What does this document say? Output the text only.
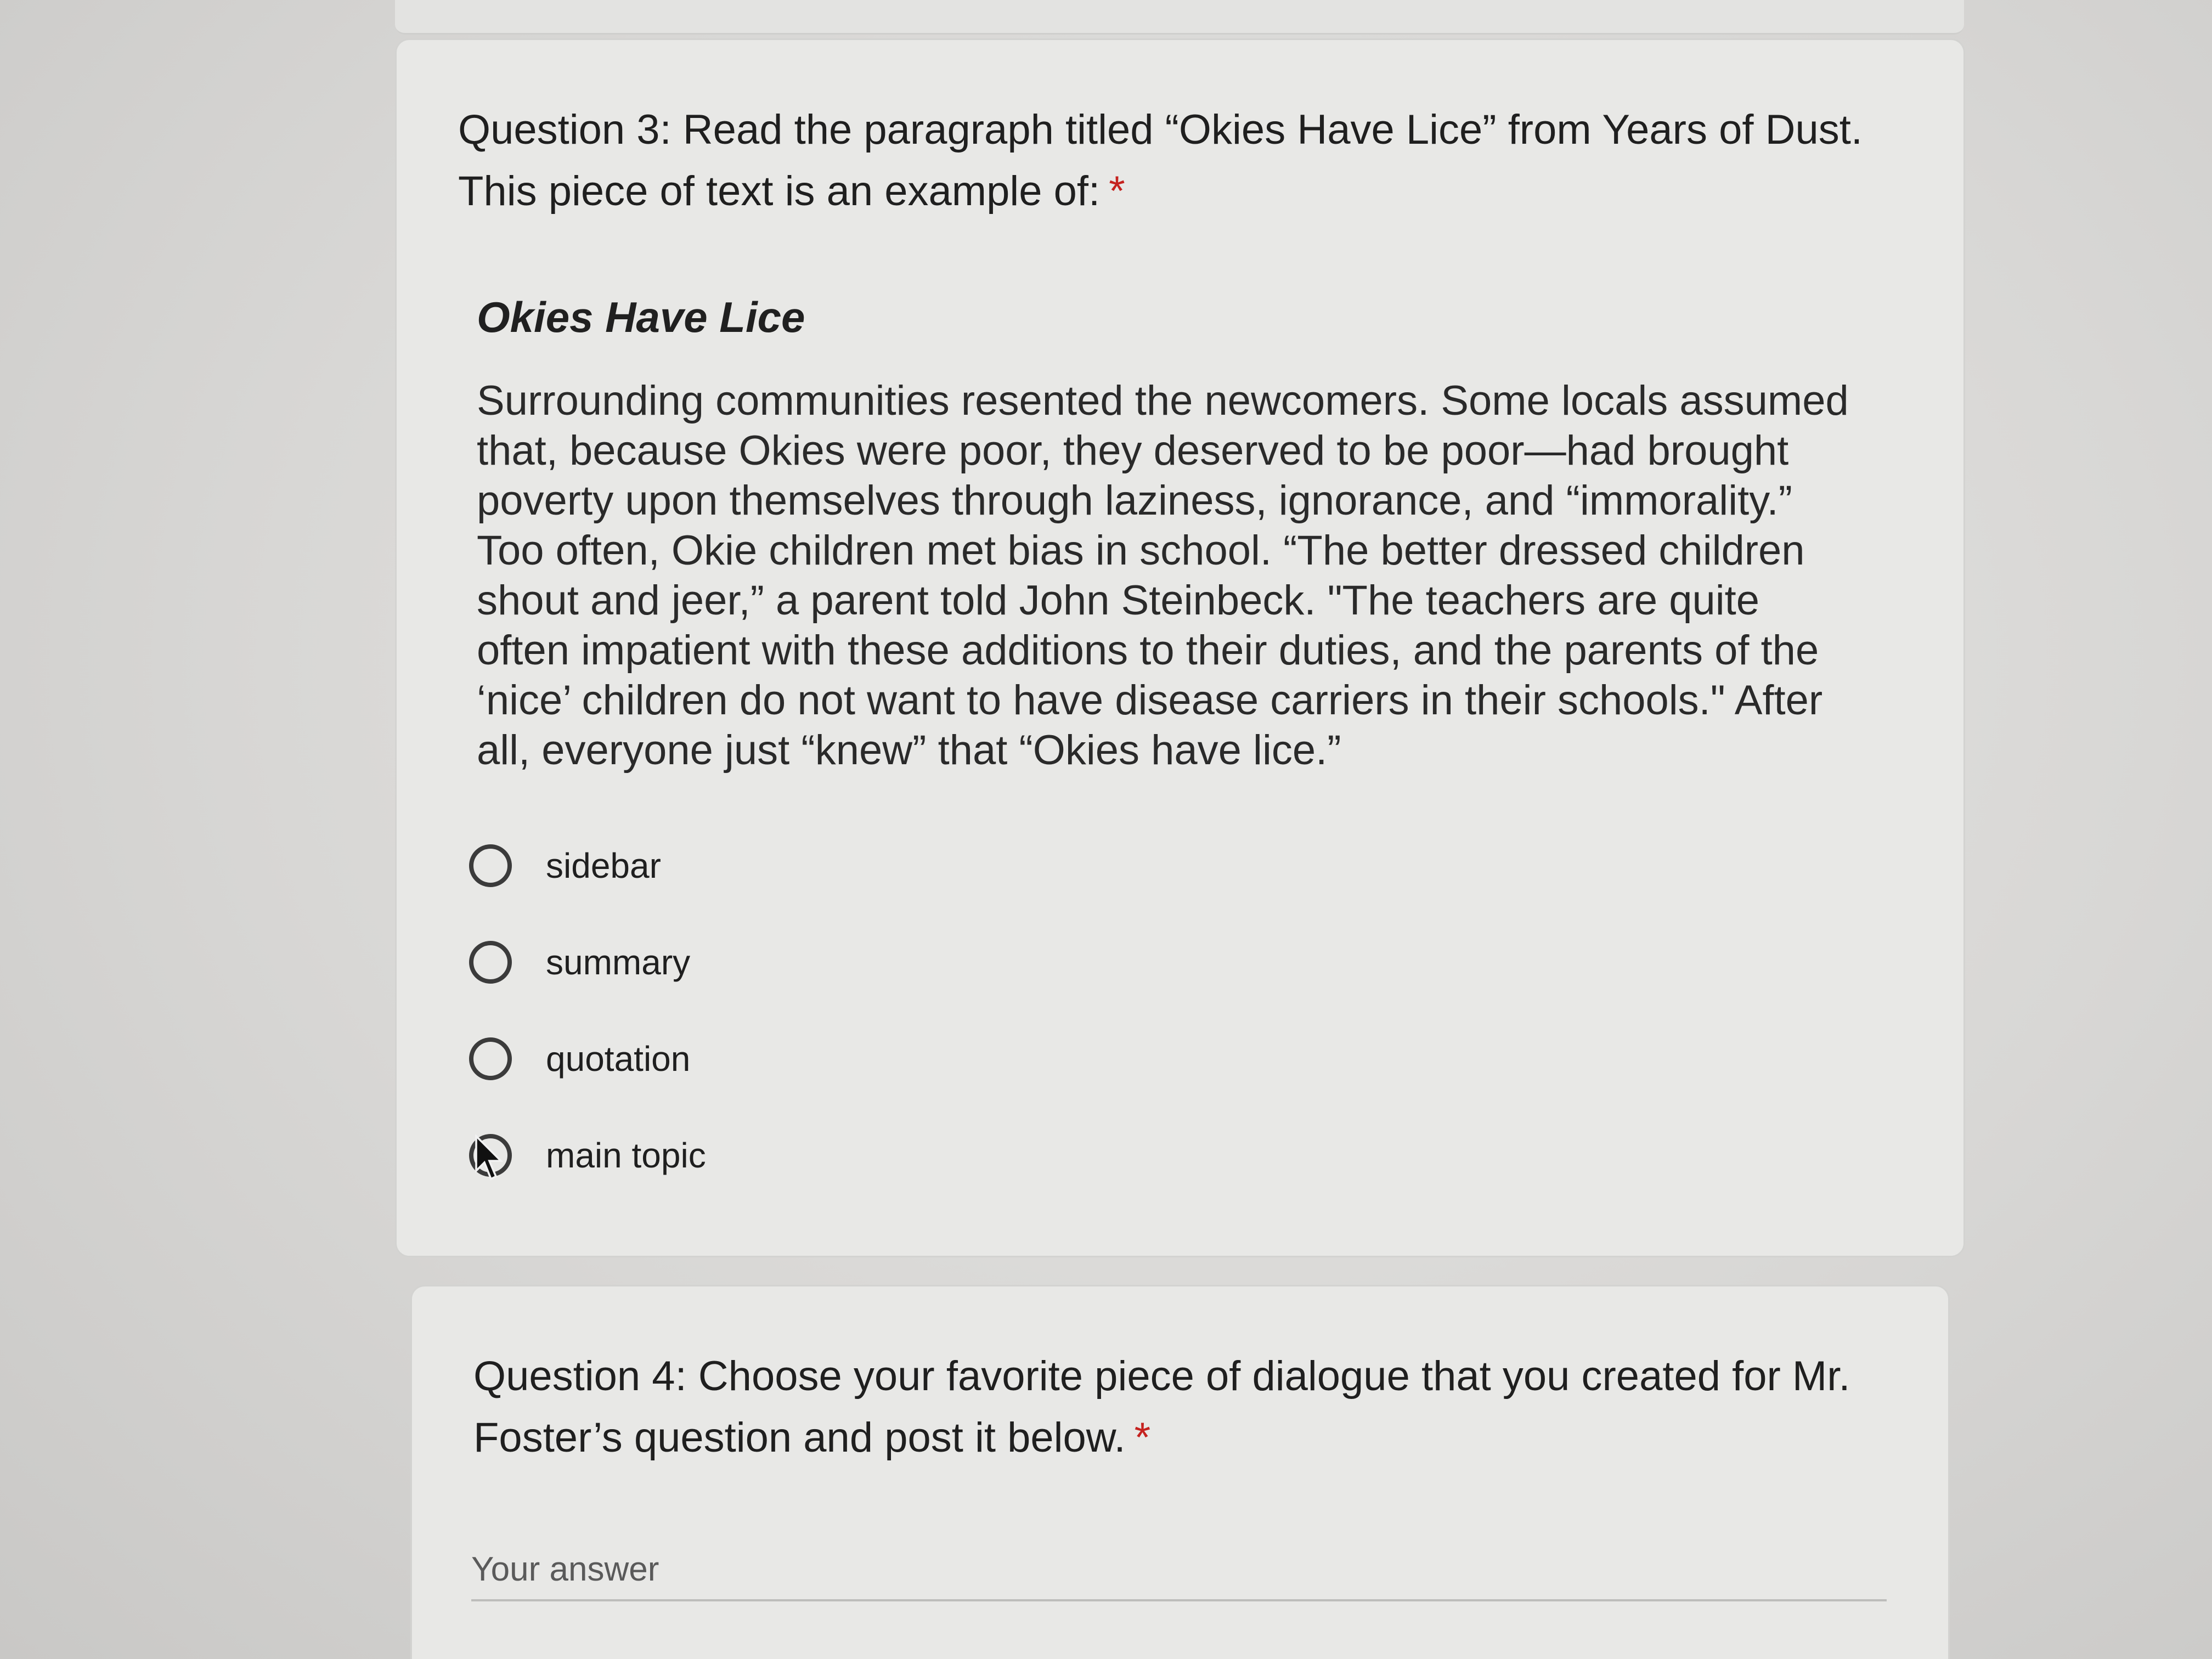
Question 3: Read the paragraph titled “Okies Have Lice” from Years of Dust. This piece of text is an example of: *
Okies Have Lice
Surrounding communities resented the newcomers. Some locals assumed
that, because Okies were poor, they deserved to be poor—had brought
poverty upon themselves through laziness, ignorance, and “immorality.”
Too often, Okie children met bias in school. “The better dressed children
shout and jeer,” a parent told John Steinbeck. "The teachers are quite
often impatient with these additions to their duties, and the parents of the
‘nice’ children do not want to have disease carriers in their schools." After
all, everyone just “knew” that “Okies have lice.”
sidebar
summary
quotation
main topic
Question 4: Choose your favorite piece of dialogue that you created for Mr. Foster’s question and post it below. *
Your answer
